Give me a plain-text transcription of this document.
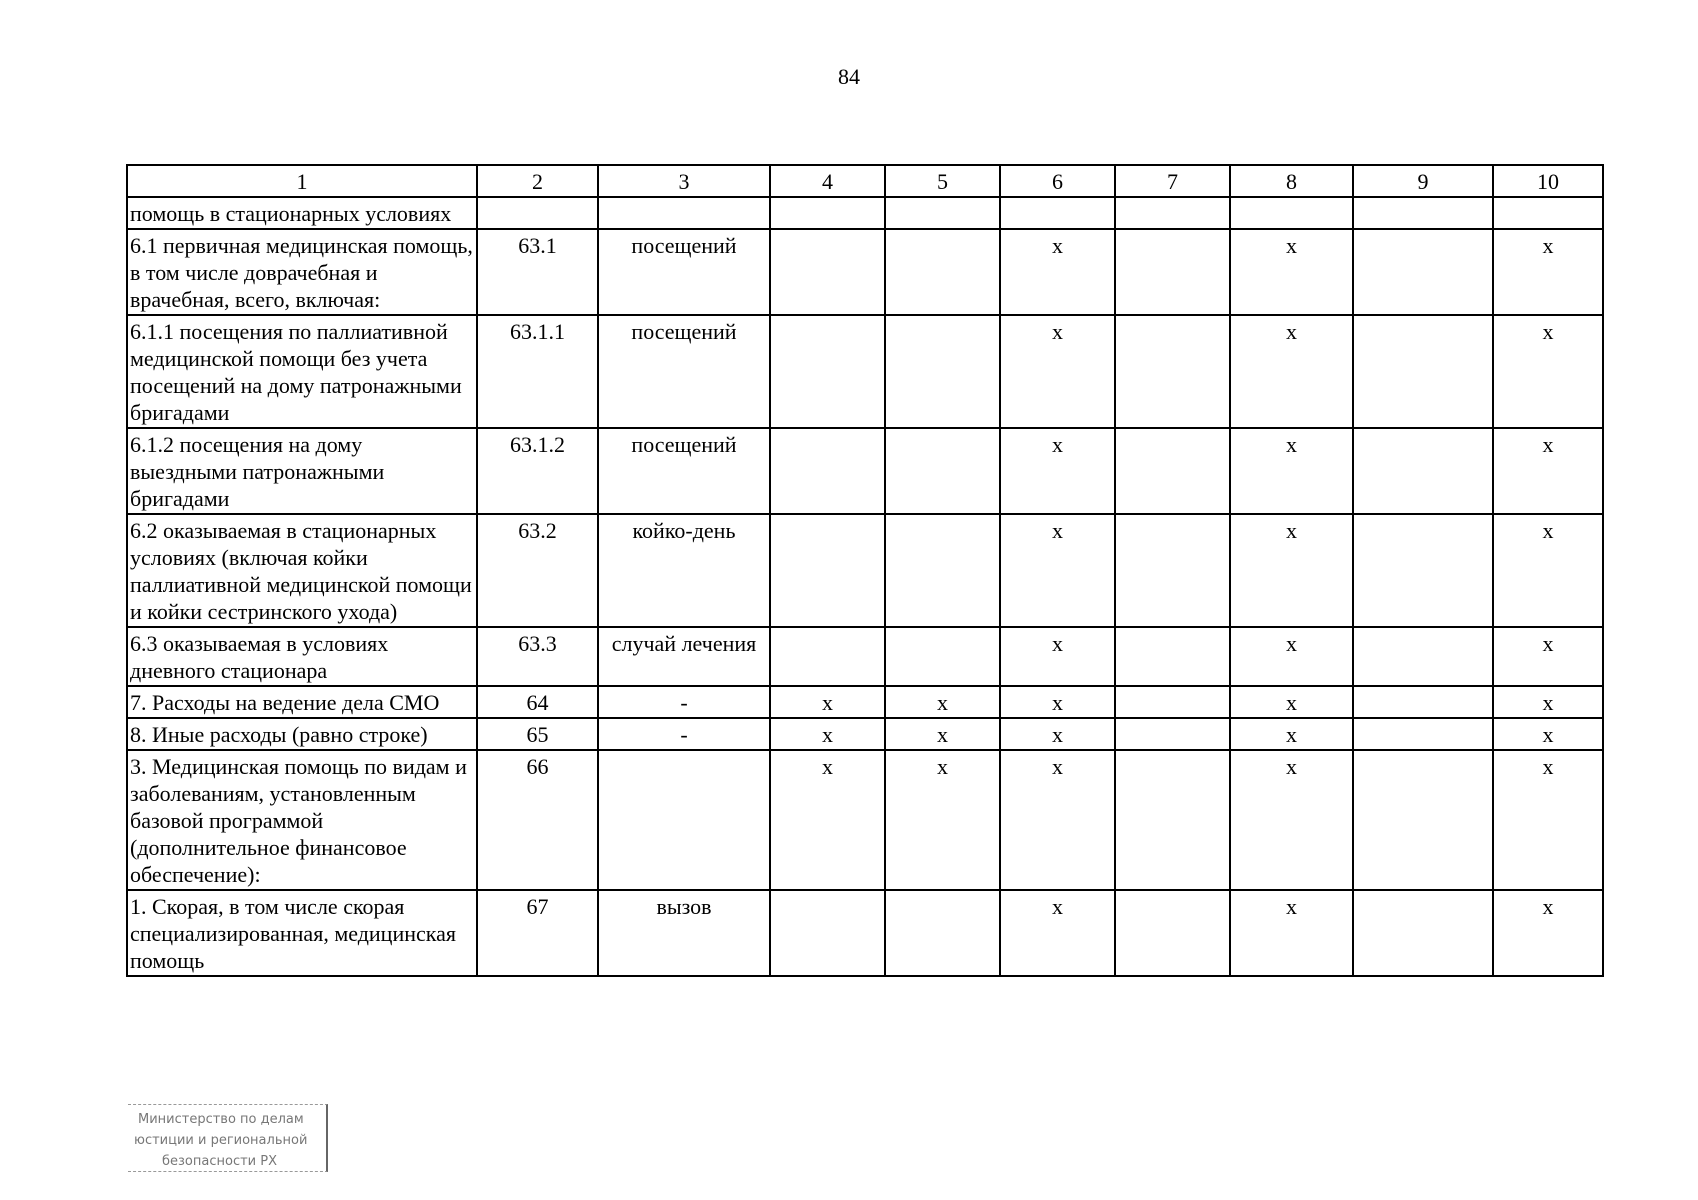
84
1	2	3	4	5	6	7	8	9	10
помощь в стационарных условиях									
6.1 первичная медицинская помощь, в том числе доврачебная и врачебная, всего, включая:	63.1	посещений			х		х		х
6.1.1 посещения по паллиативной медицинской помощи без учета посещений на дому патронажными бригадами	63.1.1	посещений			х		х		х
6.1.2 посещения на дому выездными патронажными бригадами	63.1.2	посещений			х		х		х
6.2 оказываемая в стационарных условиях (включая койки паллиативной медицинской помощи и койки сестринского ухода)	63.2	койко-день			х		х		х
6.3 оказываемая в условиях дневного стационара	63.3	случай лечения			х		х		х
7. Расходы на ведение дела СМО	64	-	х	х	х		х		х
8. Иные расходы (равно строке)	65	-	х	х	х		х		х
3. Медицинская помощь по видам и заболеваниям, установленным базовой программой (дополнительное финансовое обеспечение):	66		х	х	х		х		х
1. Скорая, в том числе скорая специализированная, медицинская помощь	67	вызов			х		х		х
Министерство по делам
юстиции и региональной
безопасности РХ
